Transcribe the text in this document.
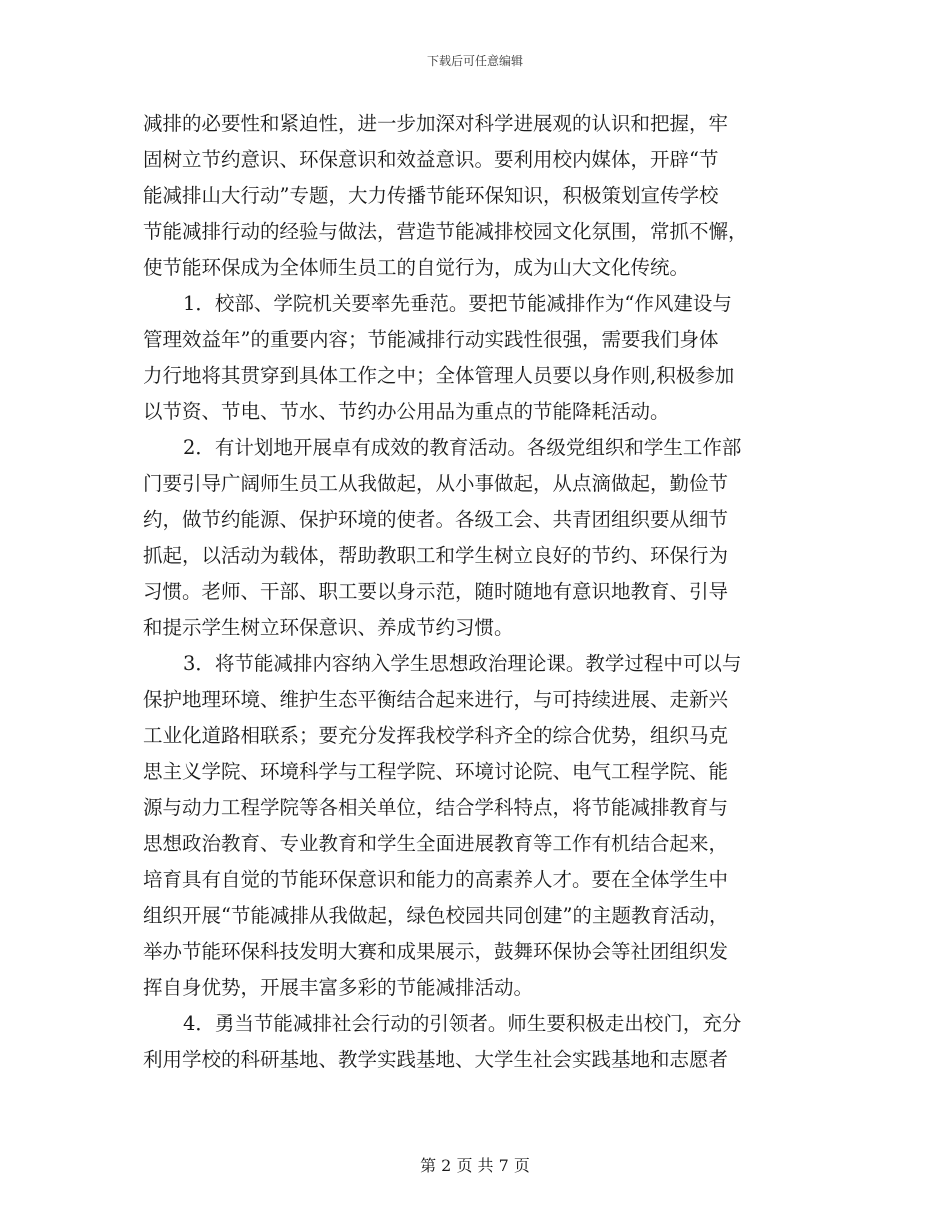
下载后可任意编辑
减排的必要性和紧迫性，进一步加深对科学进展观的认识和把握，牢
固树立节约意识、环保意识和效益意识。要利用校内媒体，开辟“节
能减排山大行动”专题，大力传播节能环保知识，积极策划宣传学校
节能减排行动的经验与做法，营造节能减排校园文化氛围，常抓不懈，
使节能环保成为全体师生员工的自觉行为，成为山大文化传统。
1．校部、学院机关要率先垂范。要把节能减排作为“作风建设与
管理效益年”的重要内容；节能减排行动实践性很强，需要我们身体
力行地将其贯穿到具体工作之中；全体管理人员要以身作则,积极参加
以节资、节电、节水、节约办公用品为重点的节能降耗活动。
2．有计划地开展卓有成效的教育活动。各级党组织和学生工作部
门要引导广阔师生员工从我做起，从小事做起，从点滴做起，勤俭节
约，做节约能源、保护环境的使者。各级工会、共青团组织要从细节
抓起，以活动为载体，帮助教职工和学生树立良好的节约、环保行为
习惯。老师、干部、职工要以身示范，随时随地有意识地教育、引导
和提示学生树立环保意识、养成节约习惯。
3．将节能减排内容纳入学生思想政治理论课。教学过程中可以与
保护地理环境、维护生态平衡结合起来进行，与可持续进展、走新兴
工业化道路相联系；要充分发挥我校学科齐全的综合优势，组织马克
思主义学院、环境科学与工程学院、环境讨论院、电气工程学院、能
源与动力工程学院等各相关单位，结合学科特点，将节能减排教育与
思想政治教育、专业教育和学生全面进展教育等工作有机结合起来，
培育具有自觉的节能环保意识和能力的高素养人才。要在全体学生中
组织开展“节能减排从我做起，绿色校园共同创建”的主题教育活动，
举办节能环保科技发明大赛和成果展示，鼓舞环保协会等社团组织发
挥自身优势，开展丰富多彩的节能减排活动。
4．勇当节能减排社会行动的引领者。师生要积极走出校门，充分
利用学校的科研基地、教学实践基地、大学生社会实践基地和志愿者
第 2 页 共 7 页
